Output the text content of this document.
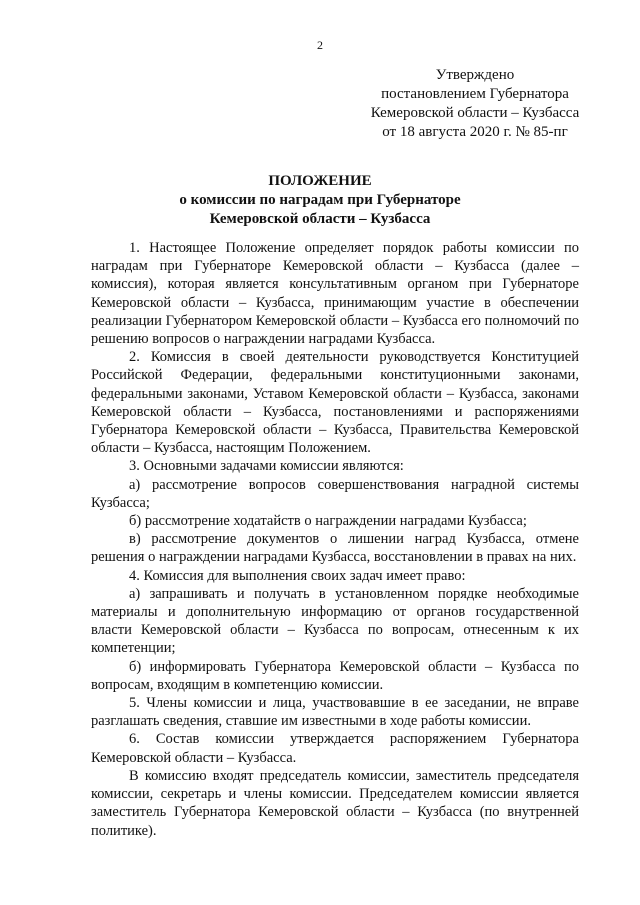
2

Утверждено
постановлением Губернатора
Кемеровской области – Кузбасса
от 18 августа 2020 г. № 85-пг
ПОЛОЖЕНИЕ
о комиссии по наградам при Губернаторе
Кемеровской области – Кузбасса

1. Настоящее Положение определяет порядок работы комиссии по наградам при Губернаторе Кемеровской области – Кузбасса (далее – комиссия), которая является консультативным органом при Губернаторе Кемеровской области – Кузбасса, принимающим участие в обеспечении реализации Губернатором Кемеровской области – Кузбасса его полномочий по решению вопросов о награждении наградами Кузбасса.

2. Комиссия в своей деятельности руководствуется Конституцией Российской Федерации, федеральными конституционными законами, федеральными законами, Уставом Кемеровской области – Кузбасса, законами Кемеровской области – Кузбасса, постановлениями и распоряжениями Губернатора Кемеровской области – Кузбасса, Правительства Кемеровской области – Кузбасса, настоящим Положением.

3. Основными задачами комиссии являются:

а) рассмотрение вопросов совершенствования наградной системы Кузбасса;

б) рассмотрение ходатайств о награждении наградами Кузбасса;

в) рассмотрение документов о лишении наград Кузбасса, отмене решения о награждении наградами Кузбасса, восстановлении в правах на них.

4. Комиссия для выполнения своих задач имеет право:

а) запрашивать и получать в установленном порядке необходимые материалы и дополнительную информацию от органов государственной власти Кемеровской области – Кузбасса по вопросам, отнесенным к их компетенции;

б) информировать Губернатора Кемеровской области – Кузбасса по вопросам, входящим в компетенцию комиссии.

5. Члены комиссии и лица, участвовавшие в ее заседании, не вправе разглашать сведения, ставшие им известными в ходе работы комиссии.

6. Состав комиссии утверждается распоряжением Губернатора Кемеровской области – Кузбасса.

В комиссию входят председатель комиссии, заместитель председателя комиссии, секретарь и члены комиссии. Председателем комиссии является заместитель Губернатора Кемеровской области – Кузбасса (по внутренней политике).
